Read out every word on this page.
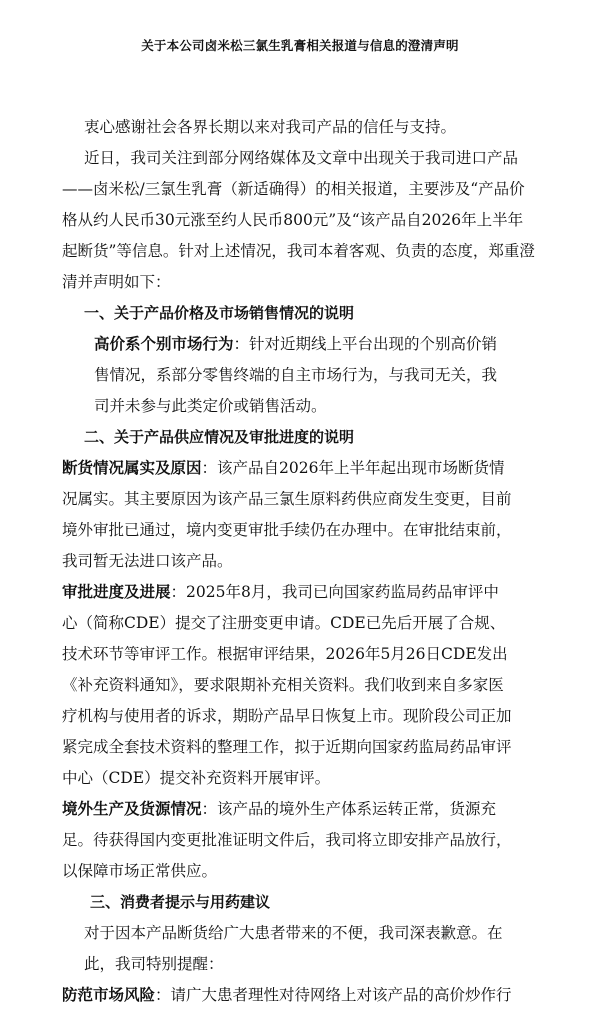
关于本公司卤米松三氯生乳膏相关报道与信息的澄清声明

衷心感谢社会各界长期以来对我司产品的信任与支持。

近日，我司关注到部分网络媒体及文章中出现关于我司进口产品——卤米松/三氯生乳膏（新适确得）的相关报道，主要涉及“产品价格从约人民币30元涨至约人民币800元”及“该产品自2026年上半年起断货”等信息。针对上述情况，我司本着客观、负责的态度，郑重澄清并声明如下：

一、关于产品价格及市场销售情况的说明

高价系个别市场行为：针对近期线上平台出现的个别高价销售情况，系部分零售终端的自主市场行为，与我司无关，我司并未参与此类定价或销售活动。

二、关于产品供应情况及审批进度的说明

断货情况属实及原因：该产品自2026年上半年起出现市场断货情况属实。其主要原因为该产品三氯生原料药供应商发生变更，目前境外审批已通过，境内变更审批手续仍在办理中。在审批结束前，我司暂无法进口该产品。

审批进度及进展：2025年8月，我司已向国家药监局药品审评中心（简称CDE）提交了注册变更申请。CDE已先后开展了合规、技术环节等审评工作。根据审评结果，2026年5月26日CDE发出《补充资料通知》，要求限期补充相关资料。我们收到来自多家医疗机构与使用者的诉求，期盼产品早日恢复上市。现阶段公司正加紧完成全套技术资料的整理工作，拟于近期向国家药监局药品审评中心（CDE）提交补充资料开展审评。

境外生产及货源情况：该产品的境外生产体系运转正常，货源充足。待获得国内变更批准证明文件后，我司将立即安排产品放行，以保障市场正常供应。

三、消费者提示与用药建议

对于因本产品断货给广大患者带来的不便，我司深表歉意。在此，我司特别提醒：

防范市场风险：请广大患者理性对待网络上对该产品的高价炒作行
